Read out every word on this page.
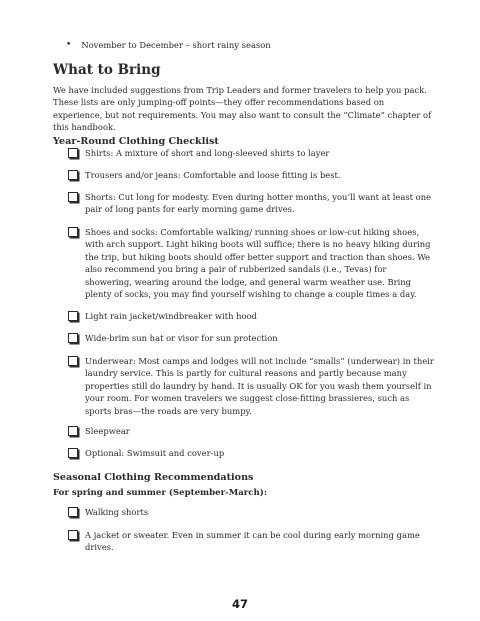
• November to December – short rainy season
What to Bring

We have included suggestions from Trip Leaders and former travelers to help you pack. These lists are only jumping-off points—they offer recommendations based on experience, but not requirements. You may also want to consult the “Climate” chapter of this handbook.

Year-Round Clothing Checklist
Shirts: A mixture of short and long-sleeved shirts to layer
Trousers and/or jeans: Comfortable and loose fitting is best.
Shorts: Cut long for modesty. Even during hotter months, you’ll want at least one pair of long pants for early morning game drives.
Shoes and socks: Comfortable walking/ running shoes or low-cut hiking shoes, with arch support. Light hiking boots will suffice; there is no heavy hiking during the trip, but hiking boots should offer better support and traction than shoes. We also recommend you bring a pair of rubberized sandals (i.e., Tevas) for showering, wearing around the lodge, and general warm weather use. Bring plenty of socks, you may find yourself wishing to change a couple times a day.
Light rain jacket/windbreaker with hood
Wide-brim sun hat or visor for sun protection
Underwear: Most camps and lodges will not include “smalls” (underwear) in their laundry service. This is partly for cultural reasons and partly because many properties still do laundry by hand. It is usually OK for you wash them yourself in your room. For women travelers we suggest close-fitting brassieres, such as sports bras—the roads are very bumpy.
Sleepwear
Optional: Swimsuit and cover-up
Seasonal Clothing Recommendations
For spring and summer (September-March):
Walking shorts
A jacket or sweater. Even in summer it can be cool during early morning game drives.
47
